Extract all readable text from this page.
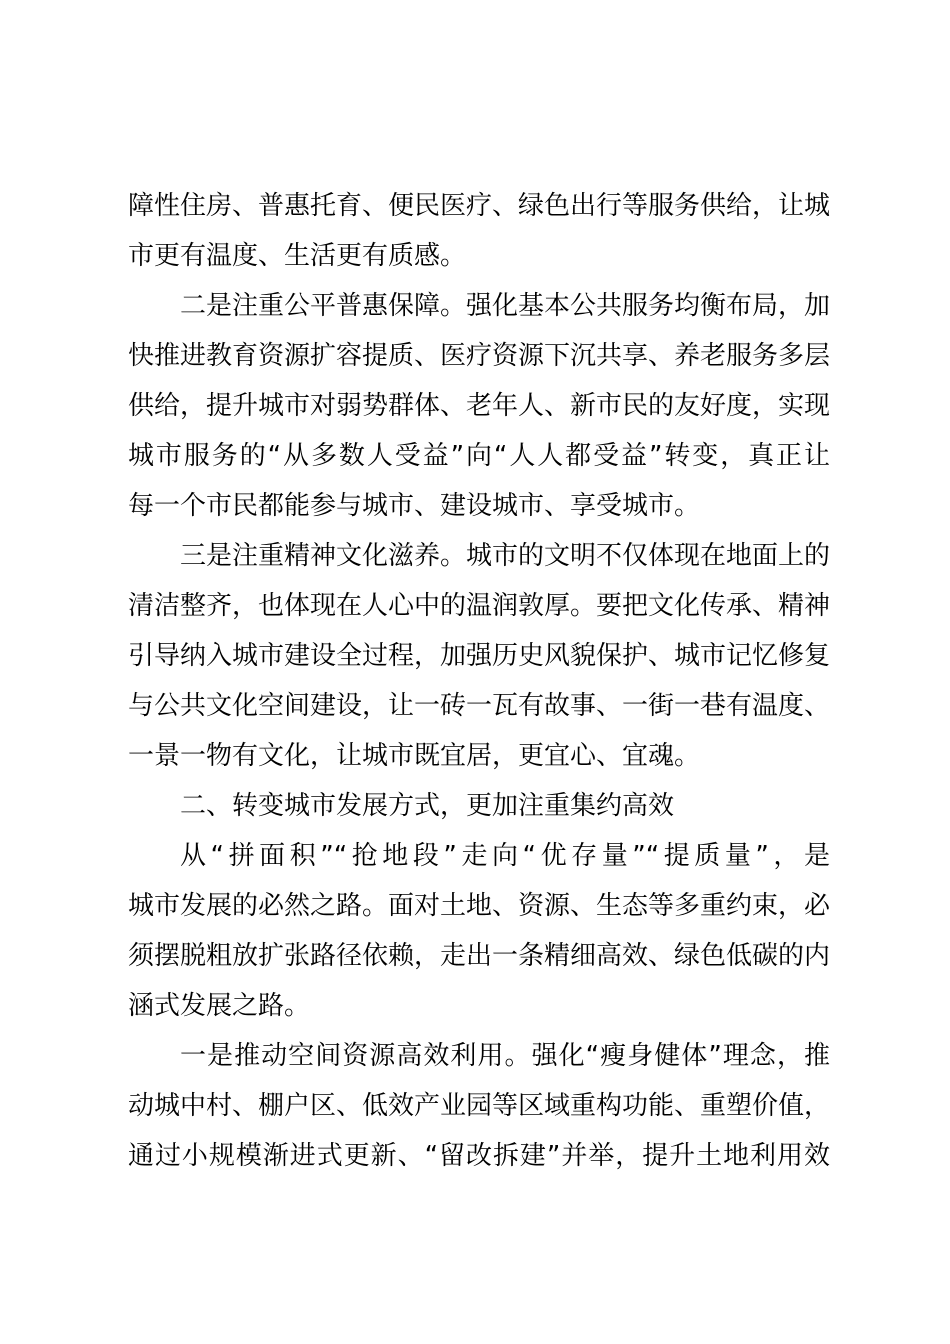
障性住房、普惠托育、便民医疗、绿色出行等服务供给，让城
市更有温度、生活更有质感。
二是注重公平普惠保障。强化基本公共服务均衡布局，加
快推进教育资源扩容提质、医疗资源下沉共享、养老服务多层
供给，提升城市对弱势群体、老年人、新市民的友好度，实现
城市服务的“从多数人受益”向“人人都受益”转变，真正让
每一个市民都能参与城市、建设城市、享受城市。
三是注重精神文化滋养。城市的文明不仅体现在地面上的
清洁整齐，也体现在人心中的温润敦厚。要把文化传承、精神
引导纳入城市建设全过程，加强历史风貌保护、城市记忆修复
与公共文化空间建设，让一砖一瓦有故事、一街一巷有温度、
一景一物有文化，让城市既宜居，更宜心、宜魂。
二、转变城市发展方式，更加注重集约高效
从“拼面积”“抢地段”走向“优存量”“提质量”，是
城市发展的必然之路。面对土地、资源、生态等多重约束，必
须摆脱粗放扩张路径依赖，走出一条精细高效、绿色低碳的内
涵式发展之路。
一是推动空间资源高效利用。强化“瘦身健体”理念，推
动城中村、棚户区、低效产业园等区域重构功能、重塑价值，
通过小规模渐进式更新、“留改拆建”并举，提升土地利用效
